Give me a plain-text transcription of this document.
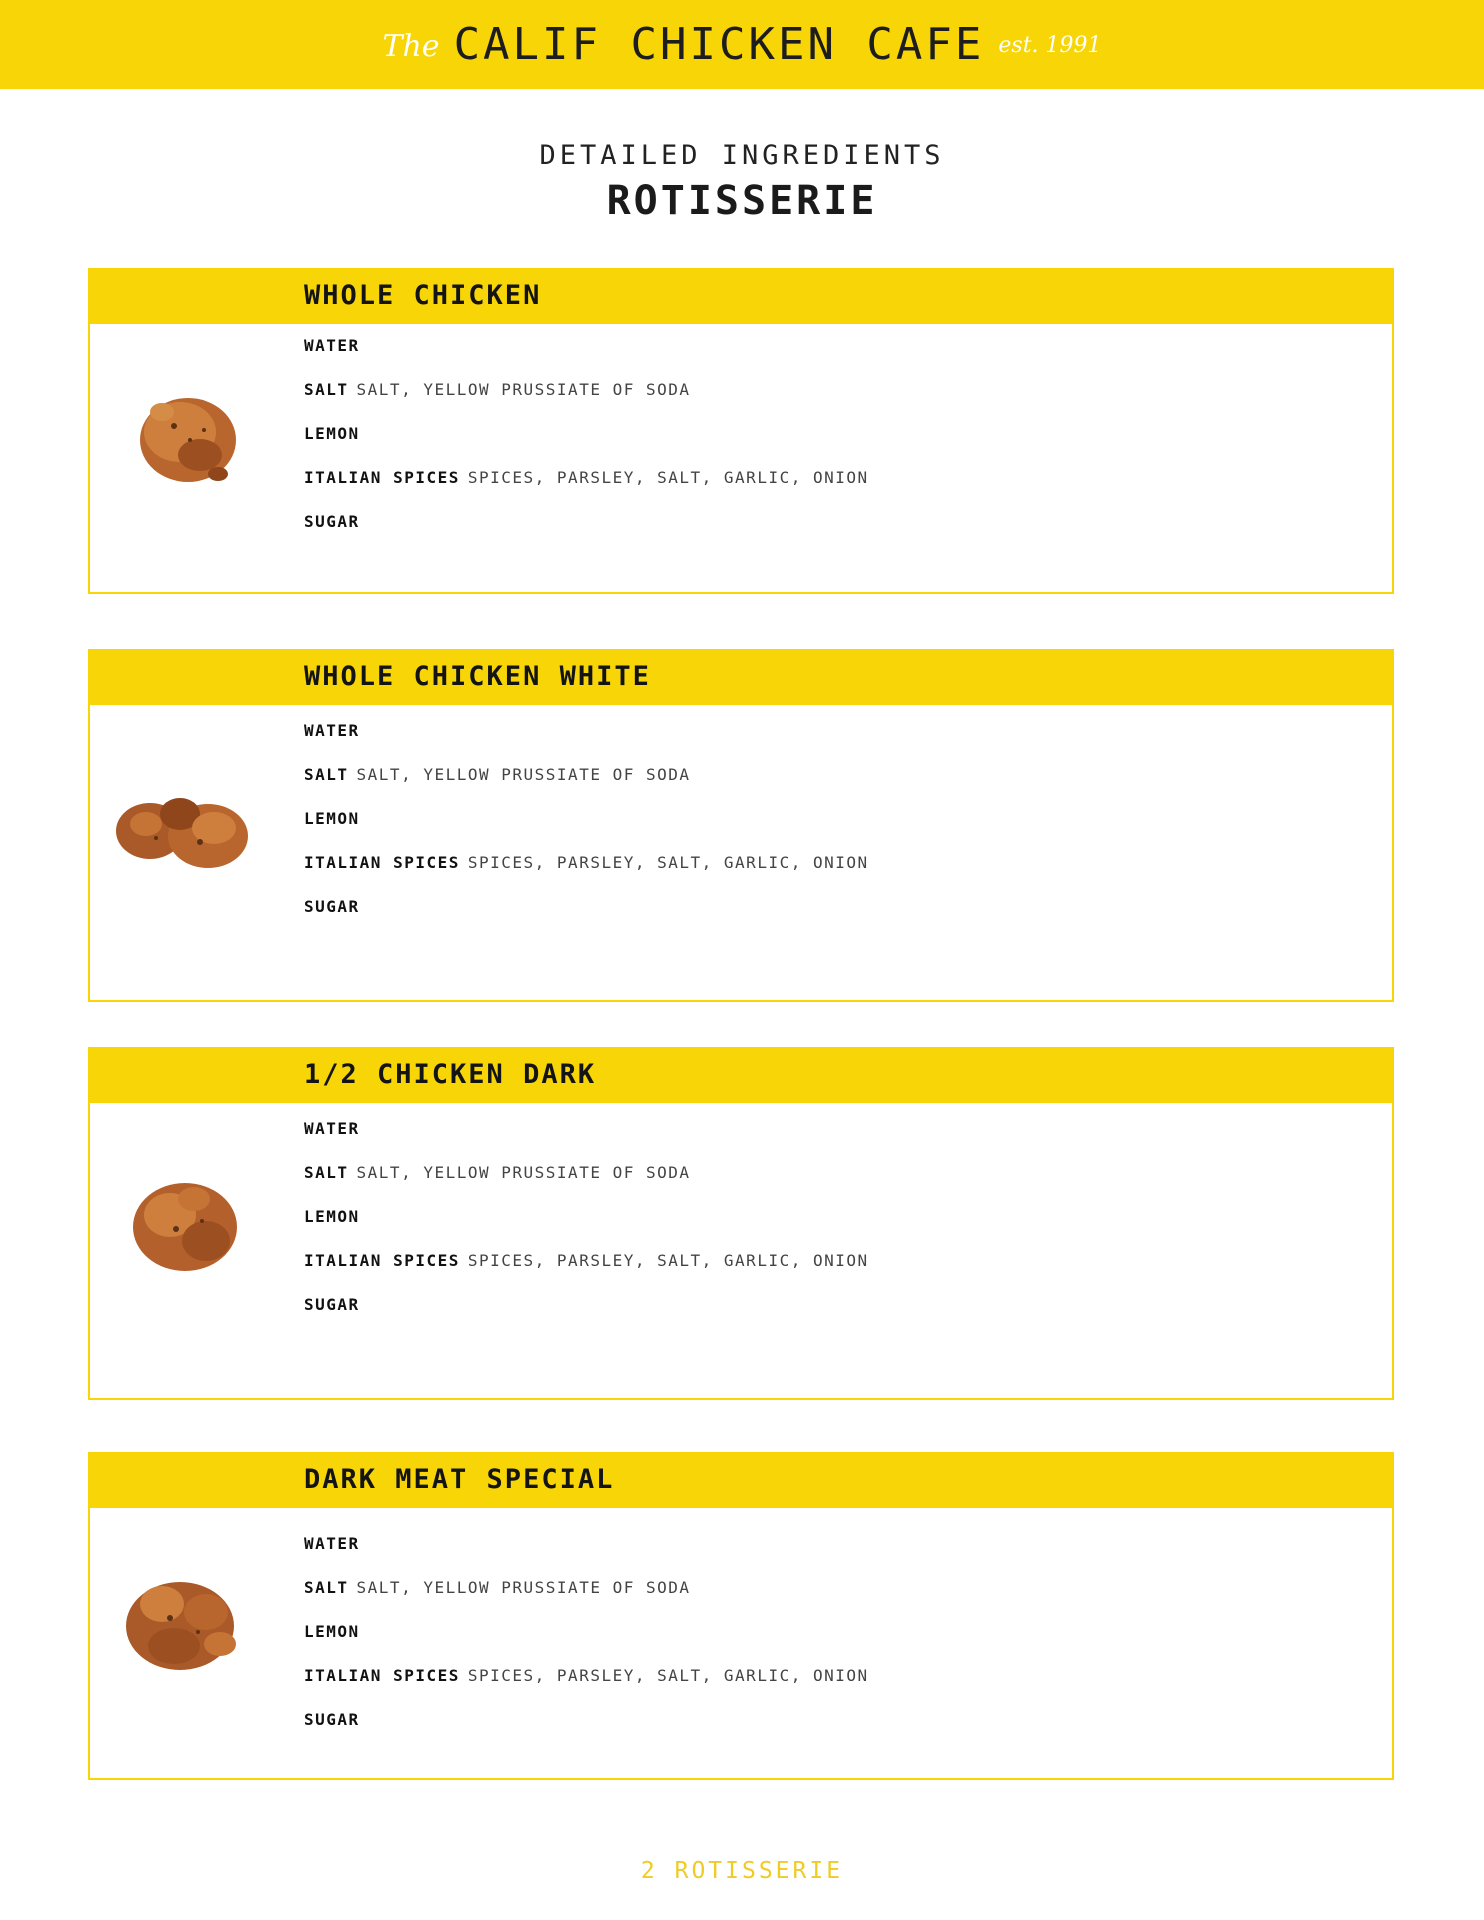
The CALIF CHICKEN CAFE est. 1991
DETAILED INGREDIENTS
ROTISSERIE
WHOLE CHICKEN
WATER
SALT SALT, YELLOW PRUSSIATE OF SODA
LEMON
ITALIAN SPICES SPICES, PARSLEY, SALT, GARLIC, ONION
SUGAR
WHOLE CHICKEN WHITE
WATER
SALT SALT, YELLOW PRUSSIATE OF SODA
LEMON
ITALIAN SPICES SPICES, PARSLEY, SALT, GARLIC, ONION
SUGAR
1/2 CHICKEN DARK
WATER
SALT SALT, YELLOW PRUSSIATE OF SODA
LEMON
ITALIAN SPICES SPICES, PARSLEY, SALT, GARLIC, ONION
SUGAR
DARK MEAT SPECIAL
WATER
SALT SALT, YELLOW PRUSSIATE OF SODA
LEMON
ITALIAN SPICES SPICES, PARSLEY, SALT, GARLIC, ONION
SUGAR
2 ROTISSERIE
